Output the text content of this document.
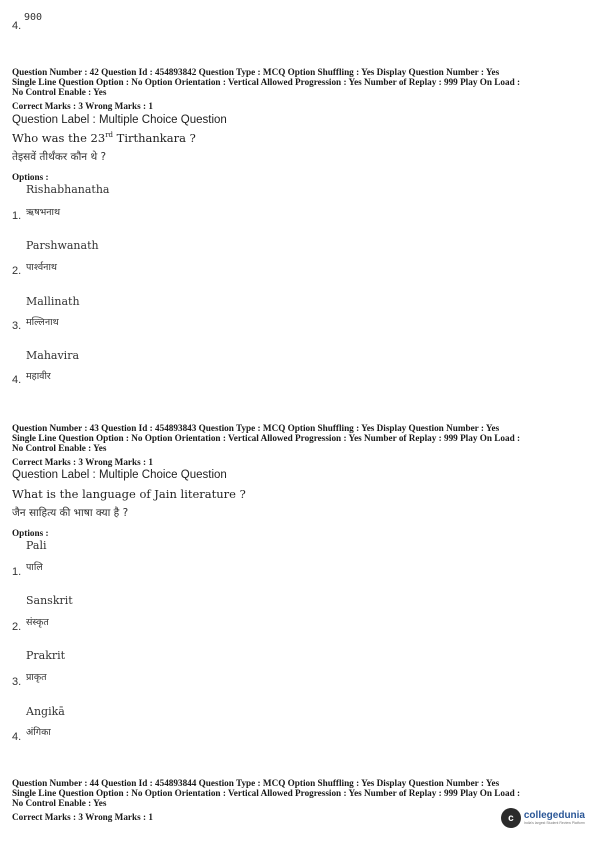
4.
900
Question Number : 42 Question Id : 454893842 Question Type : MCQ Option Shuffling : Yes Display Question Number : Yes
Single Line Question Option : No Option Orientation : Vertical Allowed Progression : Yes Number of Replay : 999 Play On Load :
No Control Enable : Yes
Correct Marks : 3 Wrong Marks : 1
Question Label : Multiple Choice Question
Who was the 23rd Tirthankara ?
तेइसवें तीर्थंकर कौन थे ?
Options :
Rishabhanatha
1. ऋषभनाथ
Parshwanath
2. पार्श्वनाथ
Mallinath
3. मल्लिनाथ
Mahavira
4. महावीर
Question Number : 43 Question Id : 454893843 Question Type : MCQ Option Shuffling : Yes Display Question Number : Yes
Single Line Question Option : No Option Orientation : Vertical Allowed Progression : Yes Number of Replay : 999 Play On Load :
No Control Enable : Yes
Correct Marks : 3 Wrong Marks : 1
Question Label : Multiple Choice Question
What is the language of Jain literature ?
जैन साहित्य की भाषा क्या है ?
Options :
Pali
1. पालि
Sanskrit
2. संस्कृत
Prakrit
3. प्राकृत
Angikā
4. अंगिका
Question Number : 44 Question Id : 454893844 Question Type : MCQ Option Shuffling : Yes Display Question Number : Yes
Single Line Question Option : No Option Orientation : Vertical Allowed Progression : Yes Number of Replay : 999 Play On Load :
No Control Enable : Yes
Correct Marks : 3 Wrong Marks : 1	c	collegedunia
India's largest Student Review Platform
